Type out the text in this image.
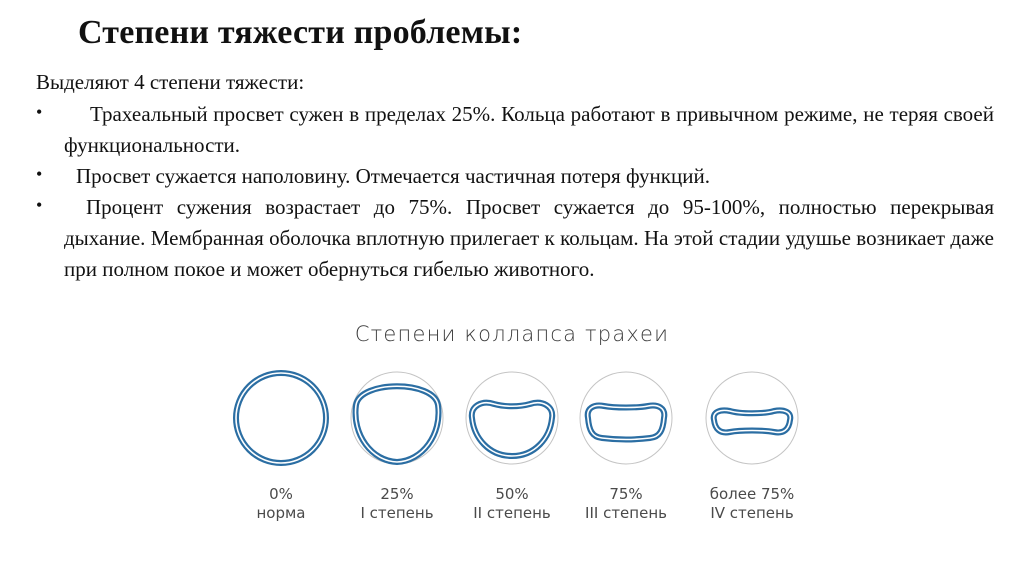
Степени тяжести проблемы:
Выделяют 4 степени тяжести:
•	Трахеальный просвет сужен в пределах 25%. Кольца работают в привычном режиме, не теряя своей функциональности.
•	Просвет сужается наполовину. Отмечается частичная потеря функций.
•	Процент сужения возрастает до 75%. Просвет сужается до 95-100%, полностью перекрывая дыхание. Мембранная оболочка вплотную прилегает к кольцам. На этой стадии удушье возникает даже при полном покое и может обернуться гибелью животного.
Степени коллапса трахеи
0%
норма
25%
I степень
50%
II степень
75%
III степень
более 75%
IV степень
